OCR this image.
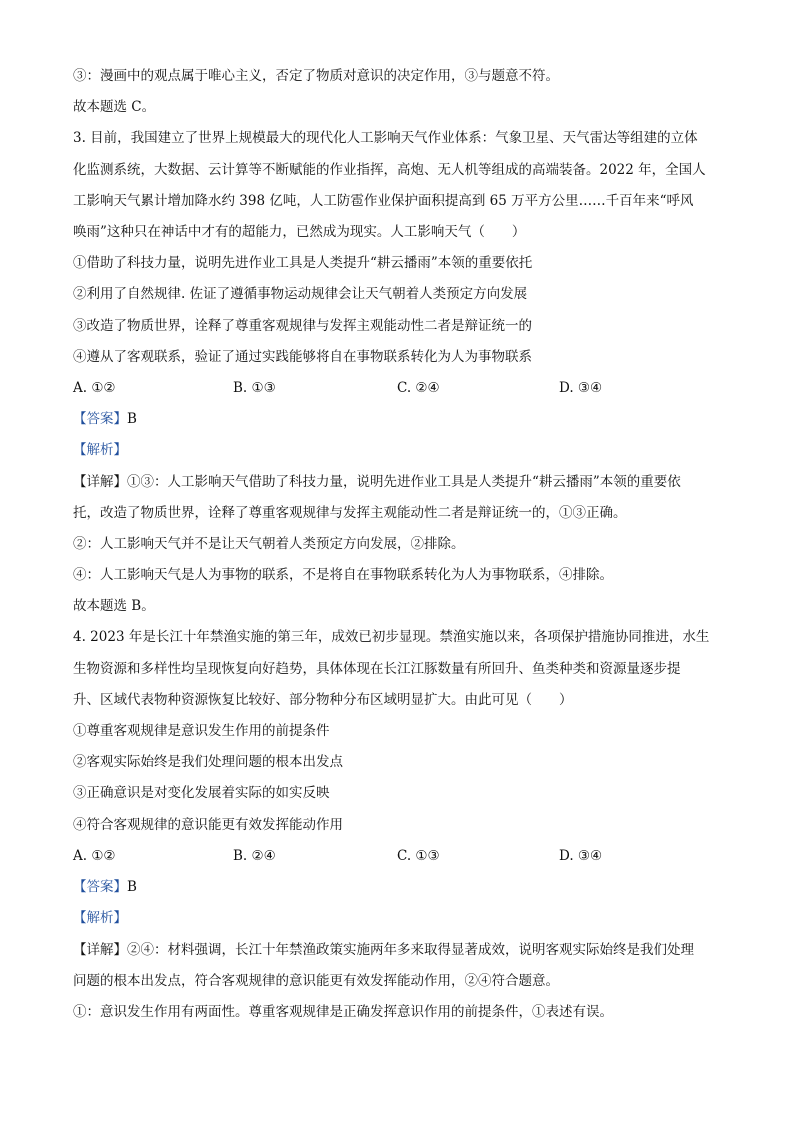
③：漫画中的观点属于唯心主义，否定了物质对意识的决定作用，③与题意不符。
故本题选 C。
3. 目前，我国建立了世界上规模最大的现代化人工影响天气作业体系：气象卫星、天气雷达等组建的立体
化监测系统，大数据、云计算等不断赋能的作业指挥，高炮、无人机等组成的高端装备。2022 年，全国人
工影响天气累计增加降水约 398 亿吨，人工防雹作业保护面积提高到 65 万平方公里……千百年来“呼风
唤雨”这种只在神话中才有的超能力，已然成为现实。人工影响天气（　　）
①借助了科技力量，说明先进作业工具是人类提升“耕云播雨”本领的重要依托
②利用了自然规律. 佐证了遵循事物运动规律会让天气朝着人类预定方向发展
③改造了物质世界，诠释了尊重客观规律与发挥主观能动性二者是辩证统一的
④遵从了客观联系，验证了通过实践能够将自在事物联系转化为人为事物联系
A. ①②	B. ①③	C. ②④	D. ③④
【答案】B
【解析】
【详解】①③：人工影响天气借助了科技力量，说明先进作业工具是人类提升“耕云播雨”本领的重要依
托，改造了物质世界，诠释了尊重客观规律与发挥主观能动性二者是辩证统一的，①③正确。
②：人工影响天气并不是让天气朝着人类预定方向发展，②排除。
④：人工影响天气是人为事物的联系，不是将自在事物联系转化为人为事物联系，④排除。
故本题选 B。
4. 2023 年是长江十年禁渔实施的第三年，成效已初步显现。禁渔实施以来，各项保护措施协同推进，水生
生物资源和多样性均呈现恢复向好趋势，具体体现在长江江豚数量有所回升、鱼类种类和资源量逐步提
升、区域代表物种资源恢复比较好、部分物种分布区域明显扩大。由此可见（　　）
①尊重客观规律是意识发生作用的前提条件
②客观实际始终是我们处理问题的根本出发点
③正确意识是对变化发展着实际的如实反映
④符合客观规律的意识能更有效发挥能动作用
A. ①②	B. ②④	C. ①③	D. ③④
【答案】B
【解析】
【详解】②④：材料强调，长江十年禁渔政策实施两年多来取得显著成效，说明客观实际始终是我们处理
问题的根本出发点，符合客观规律的意识能更有效发挥能动作用，②④符合题意。
①：意识发生作用有两面性。尊重客观规律是正确发挥意识作用的前提条件，①表述有误。
